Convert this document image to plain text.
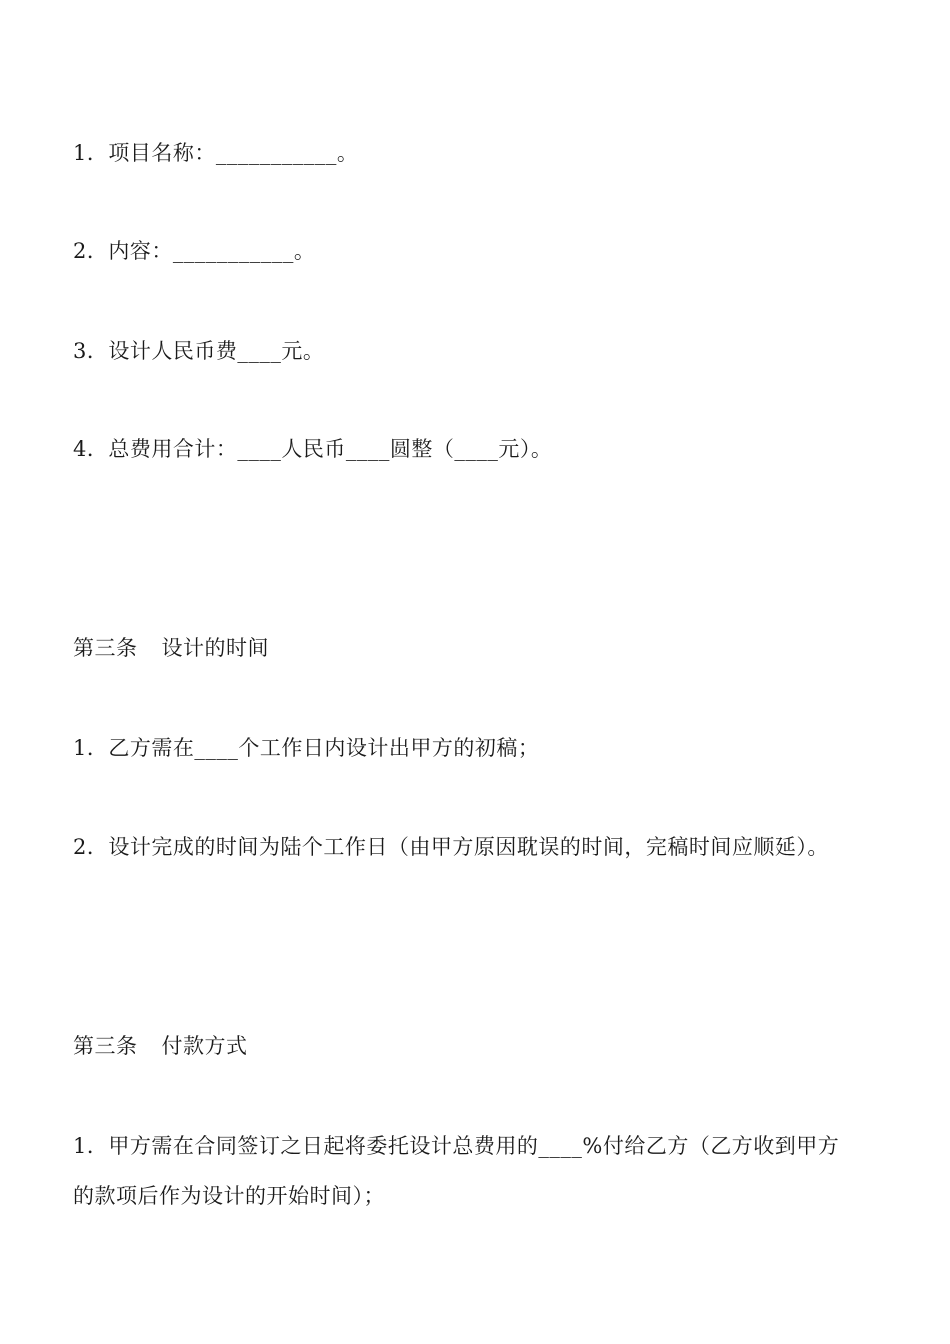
1．项目名称：___________。
2．内容：___________。
3．设计人民币费____元。
4．总费用合计：____人民币____圆整（____元）。
第三条 设计的时间
1．乙方需在____个工作日内设计出甲方的初稿；
2．设计完成的时间为陆个工作日（由甲方原因耽误的时间，完稿时间应顺延）。
第三条 付款方式
1．甲方需在合同签订之日起将委托设计总费用的____%付给乙方（乙方收到甲方
的款项后作为设计的开始时间）；
